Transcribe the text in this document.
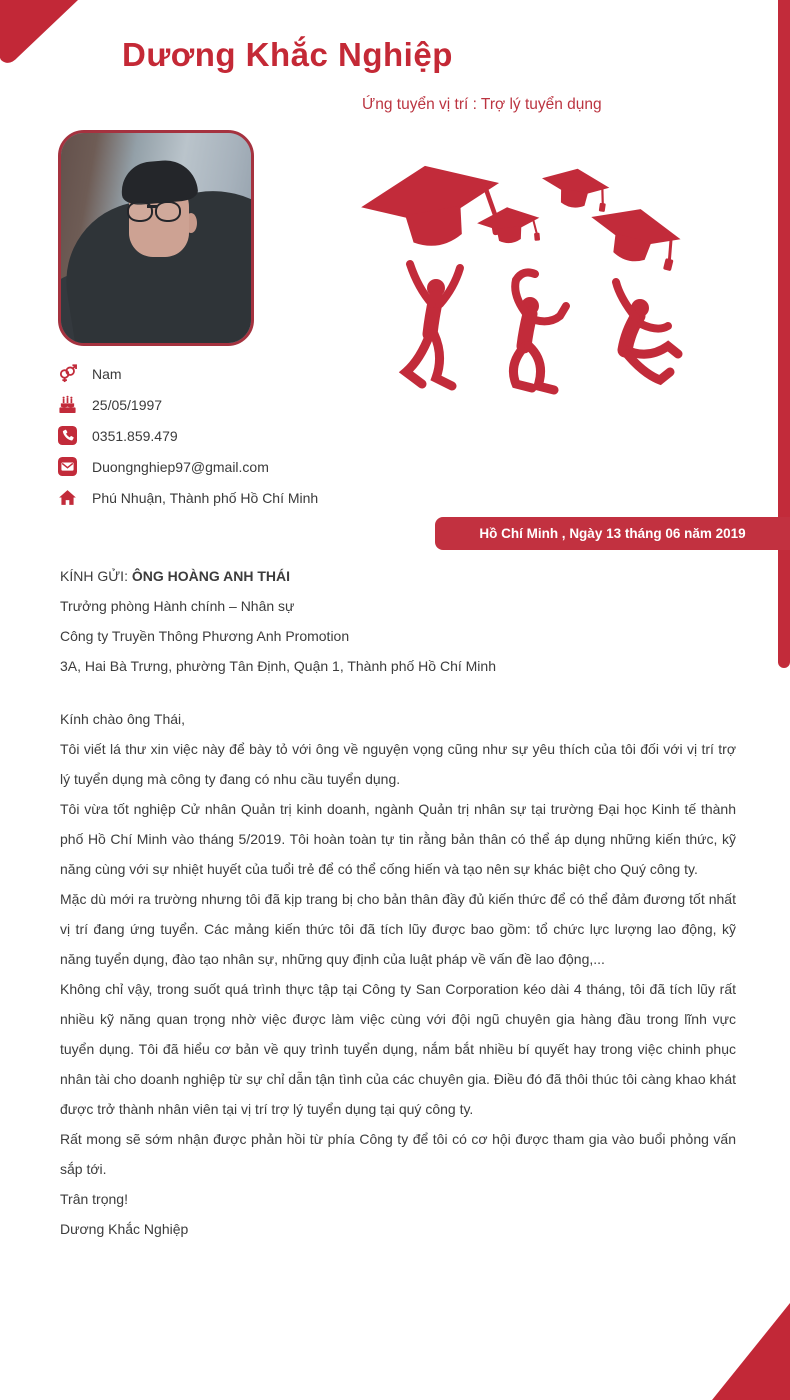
Dương Khắc Nghiệp
Ứng tuyển vị trí : Trợ lý tuyển dụng
Nam
25/05/1997
0351.859.479
Duongnghiep97@gmail.com
Phú Nhuận, Thành phố Hồ Chí Minh
Hồ Chí Minh , Ngày 13 tháng 06 năm 2019

KÍNH GỬI: ÔNG HOÀNG ANH THÁI

Trưởng phòng Hành chính – Nhân sự

Công ty Truyền Thông Phương Anh Promotion

3A, Hai Bà Trưng, phường Tân Định, Quận 1, Thành phố Hồ Chí Minh

Kính chào ông Thái,

Tôi viết lá thư xin việc này để bày tỏ với ông về nguyện vọng cũng như sự yêu thích của tôi đối với vị trí trợ lý tuyển dụng mà công ty đang có nhu cầu tuyển dụng.

Tôi vừa tốt nghiệp Cử nhân Quản trị kinh doanh, ngành Quản trị nhân sự tại trường Đại học Kinh tế thành phố Hồ Chí Minh vào tháng 5/2019. Tôi hoàn toàn tự tin rằng bản thân có thể áp dụng những kiến thức, kỹ năng cùng với sự nhiệt huyết của tuổi trẻ để có thể cống hiến và tạo nên sự khác biệt cho Quý công ty.

Mặc dù mới ra trường nhưng tôi đã kịp trang bị cho bản thân đầy đủ kiến thức để có thể đảm đương tốt nhất vị trí đang ứng tuyển. Các mảng kiến thức tôi đã tích lũy được bao gồm: tổ chức lực lượng lao động, kỹ năng tuyển dụng, đào tạo nhân sự, những quy định của luật pháp về vấn đề lao động,...

Không chỉ vậy, trong suốt quá trình thực tập tại Công ty San Corporation kéo dài 4 tháng, tôi đã tích lũy rất nhiều kỹ năng quan trọng nhờ việc được làm việc cùng với đội ngũ chuyên gia hàng đầu trong lĩnh vực tuyển dụng. Tôi đã hiểu cơ bản về quy trình tuyển dụng, nắm bắt nhiều bí quyết hay trong việc chinh phục nhân tài cho doanh nghiệp từ sự chỉ dẫn tận tình của các chuyên gia. Điều đó đã thôi thúc tôi càng khao khát được trở thành nhân viên tại vị trí trợ lý tuyển dụng tại quý công ty.

Rất mong sẽ sớm nhận được phản hồi từ phía Công ty để tôi có cơ hội được tham gia vào buổi phỏng vấn sắp tới.

Trân trọng!

Dương Khắc Nghiệp
